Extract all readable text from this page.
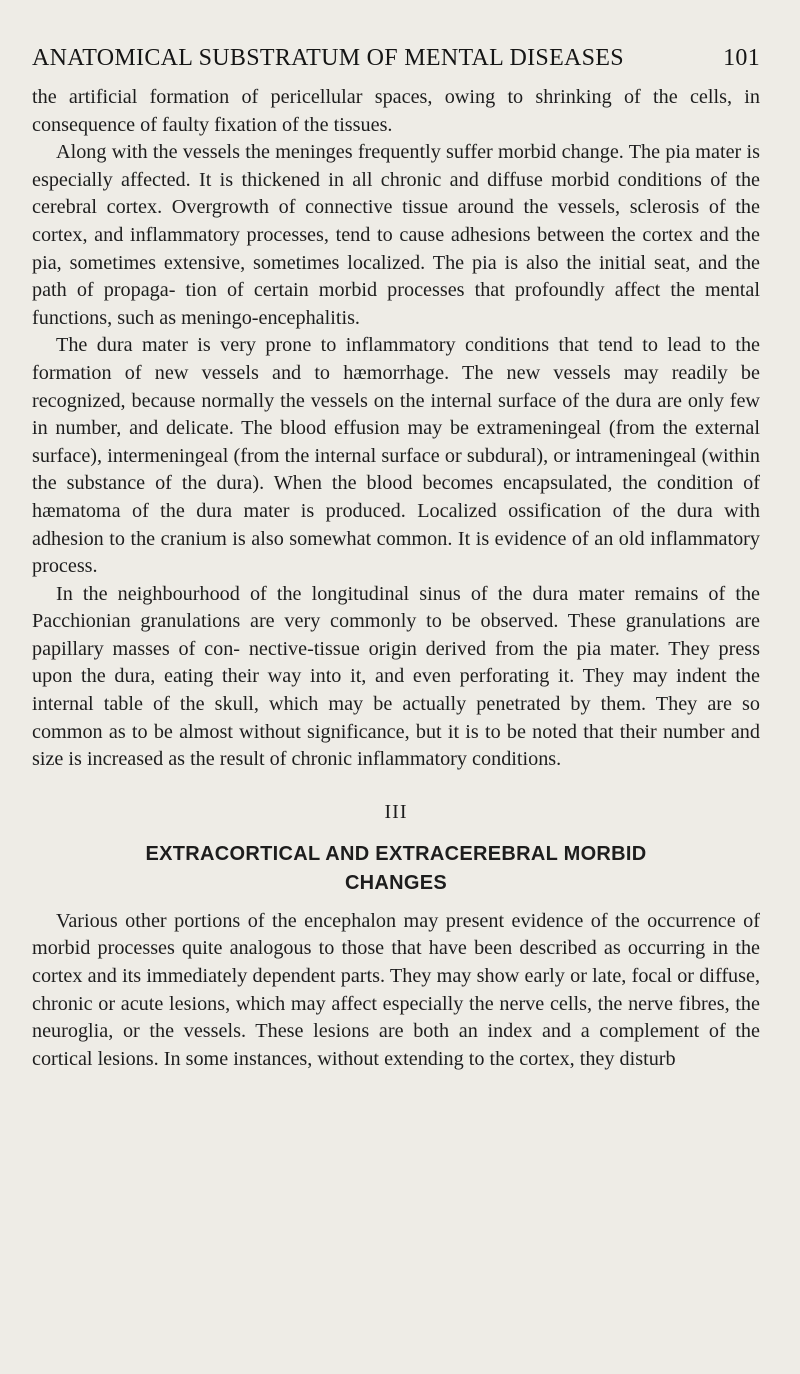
ANATOMICAL SUBSTRATUM OF MENTAL DISEASES	101

the artificial formation of pericellular spaces, owing to shrinking of the cells, in consequence of faulty fixation of the tissues.

Along with the vessels the meninges frequently suffer morbid change. The pia mater is especially affected. It is thickened in all chronic and diffuse morbid conditions of the cerebral cortex. Overgrowth of connective tissue around the vessels, sclerosis of the cortex, and inflammatory processes, tend to cause adhesions between the cortex and the pia, sometimes extensive, sometimes localized. The pia is also the initial seat, and the path of propaga- tion of certain morbid processes that profoundly affect the mental functions, such as meningo-encephalitis.

The dura mater is very prone to inflammatory conditions that tend to lead to the formation of new vessels and to hæmorrhage. The new vessels may readily be recognized, because normally the vessels on the internal surface of the dura are only few in number, and delicate. The blood effusion may be extrameningeal (from the external surface), intermeningeal (from the internal surface or subdural), or intrameningeal (within the substance of the dura). When the blood becomes encapsulated, the condition of hæmatoma of the dura mater is produced. Localized ossification of the dura with adhesion to the cranium is also somewhat common. It is evidence of an old inflammatory process.

In the neighbourhood of the longitudinal sinus of the dura mater remains of the Pacchionian granulations are very commonly to be observed. These granulations are papillary masses of con- nective-tissue origin derived from the pia mater. They press upon the dura, eating their way into it, and even perforating it. They may indent the internal table of the skull, which may be actually penetrated by them. They are so common as to be almost without significance, but it is to be noted that their number and size is increased as the result of chronic inflammatory conditions.

III
EXTRACORTICAL AND EXTRACEREBRAL MORBID
CHANGES

Various other portions of the encephalon may present evidence of the occurrence of morbid processes quite analogous to those that have been described as occurring in the cortex and its immediately dependent parts. They may show early or late, focal or diffuse, chronic or acute lesions, which may affect especially the nerve cells, the nerve fibres, the neuroglia, or the vessels. These lesions are both an index and a complement of the cortical lesions. In some instances, without extending to the cortex, they disturb
